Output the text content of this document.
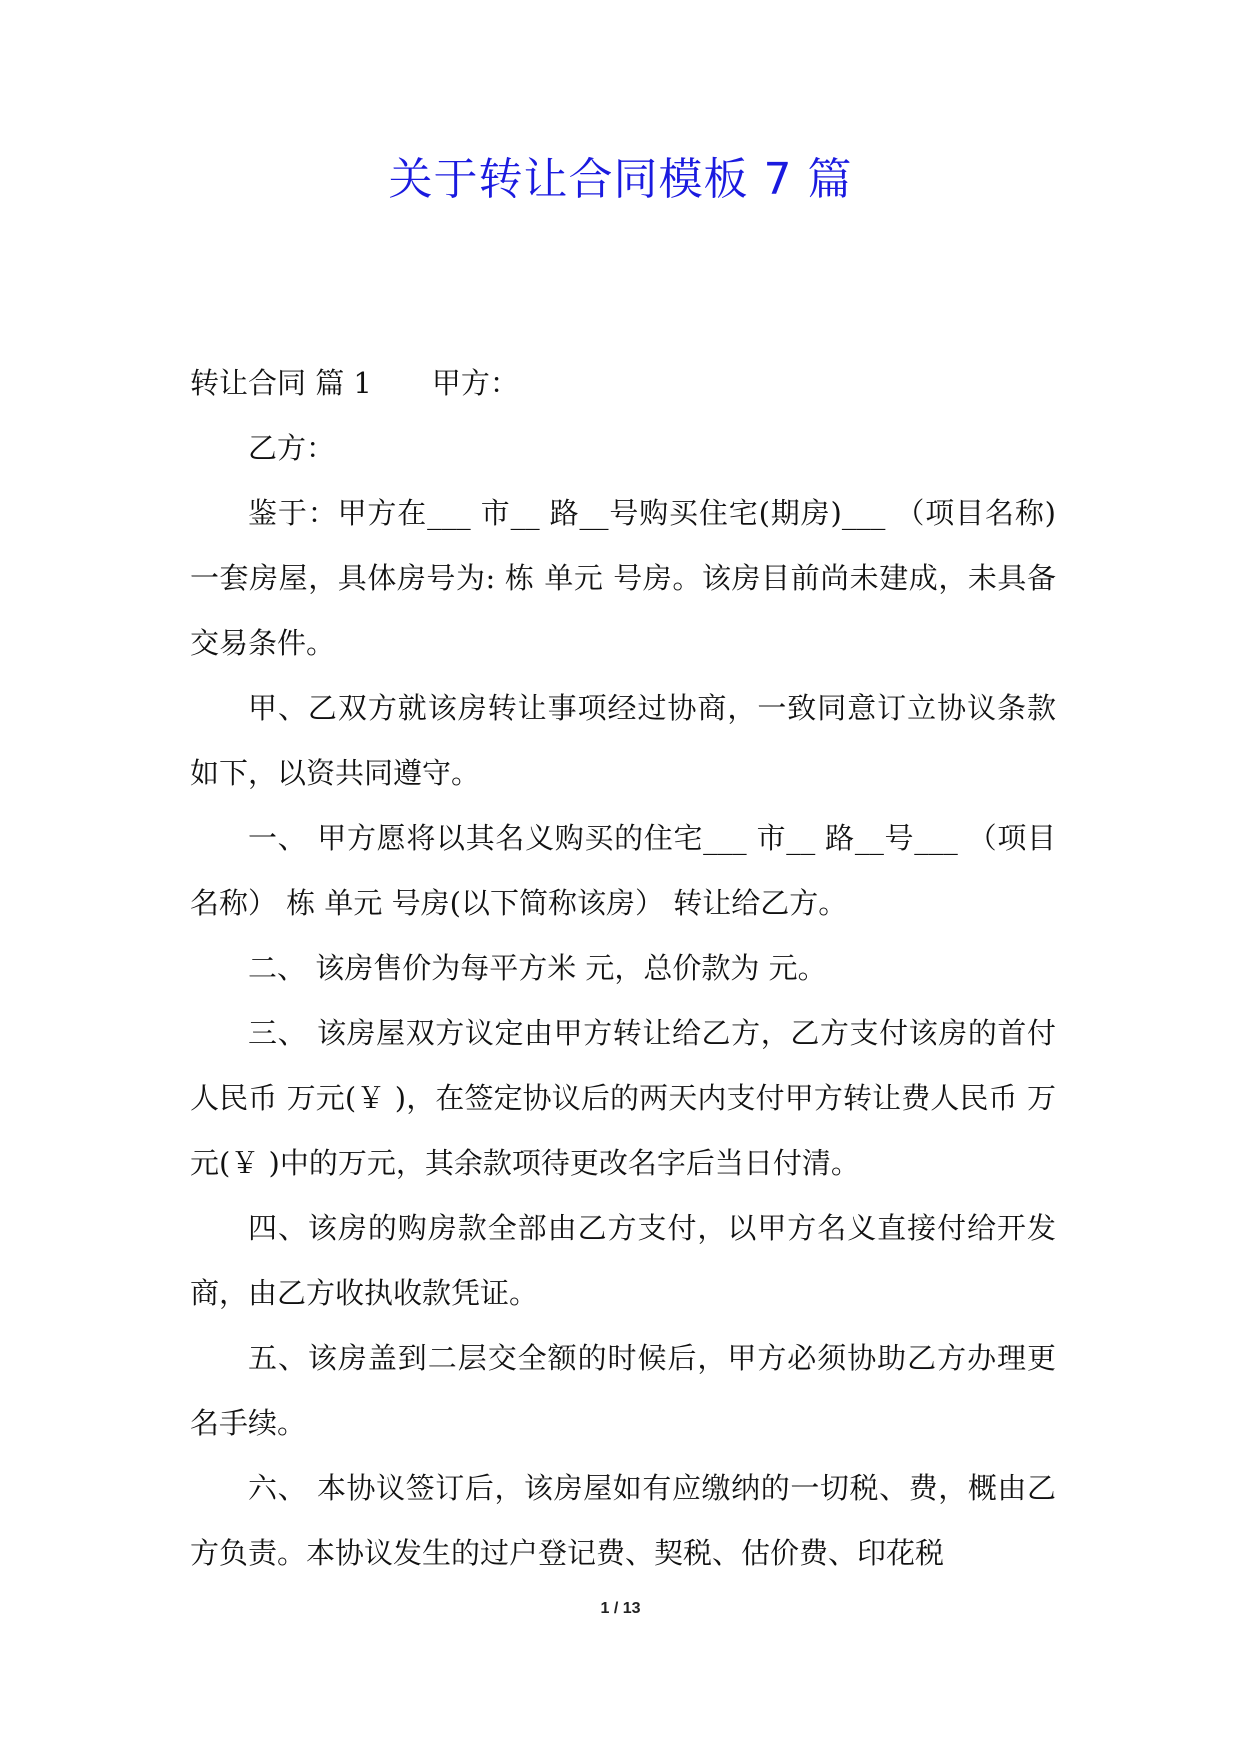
关于转让合同模板 7 篇

转让合同 篇 1 甲方：

乙方：

鉴于：甲方在___ 市__ 路__号购买住宅(期房)___ （项目名称)一套房屋，具体房号为: 栋 单元 号房。该房目前尚未建成，未具备交易条件。

甲、乙双方就该房转让事项经过协商，一致同意订立协议条款如下，以资共同遵守。

一、 甲方愿将以其名义购买的住宅___ 市__ 路__号___ （项目名称） 栋 单元 号房(以下简称该房） 转让给乙方。

二、 该房售价为每平方米 元，总价款为 元。

三、 该房屋双方议定由甲方转让给乙方，乙方支付该房的首付人民币 万元(￥ )，在签定协议后的两天内支付甲方转让费人民币 万元(￥ )中的万元，其余款项待更改名字后当日付清。

四、该房的购房款全部由乙方支付，以甲方名义直接付给开发商，由乙方收执收款凭证。

五、该房盖到二层交全额的时候后，甲方必须协助乙方办理更名手续。

六、 本协议签订后，该房屋如有应缴纳的一切税、费，概由乙方负责。本协议发生的过户登记费、契税、估价费、印花税

1 / 13
